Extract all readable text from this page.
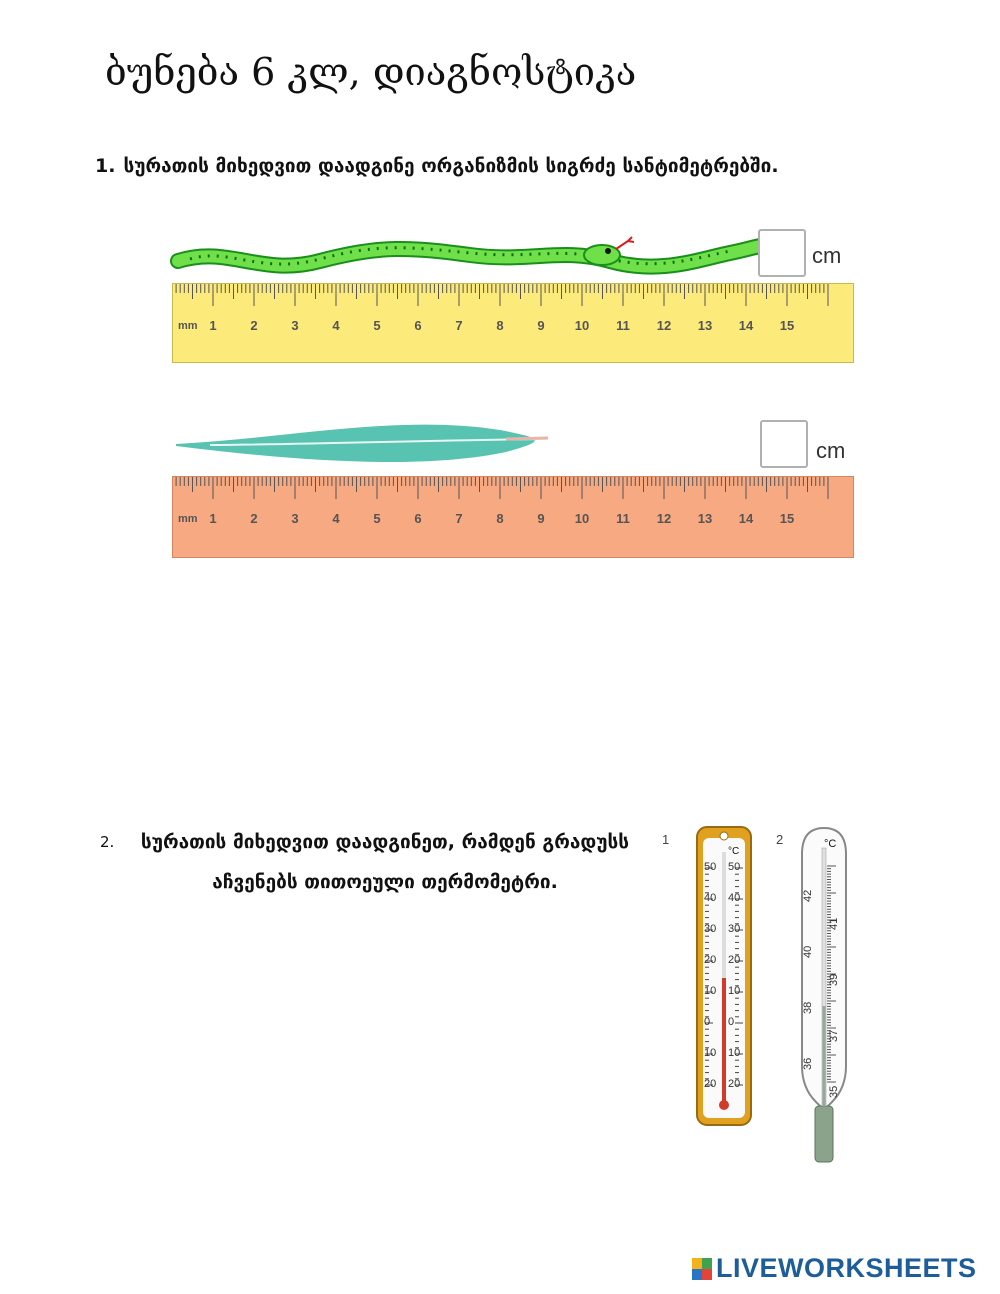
ბუნება 6 კლ, დიაგნოსტიკა
1. სურათის მიხედვით დაადგინე ორგანიზმის სიგრძე სანტიმეტრებში.
mm 1	2	3	4	5	6	7	8	9	10	11	12	13	14	15
cm
mm 1	2	3	4	5	6	7	8	9	10	11	12	13	14	15
cm
2.	სურათის მიხედვით დაადგინეთ, რამდენ გრადუსს აჩვენებს თითოეული თერმომეტრი.
1
50 50
40 40
30 30
20 20
10 10
0 0
10 10
20 20
°C
2
42
41
40
39
38
37
36
35
°C
LIVEWORKSHEETS
